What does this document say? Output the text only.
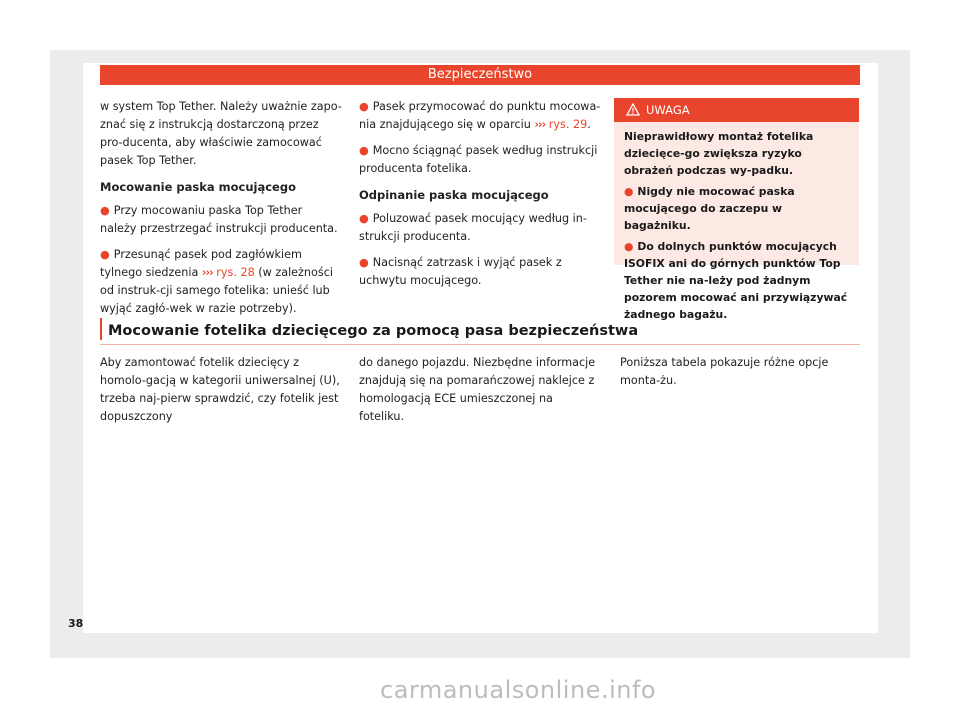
Bezpieczeństwo

w system Top Tether. Należy uważnie zapo-znać się z instrukcją dostarczoną przez pro-ducenta, aby właściwie zamocować pasek Top Tether.

Mocowanie paska mocującego

● Przy mocowaniu paska Top Tether należy przestrzegać instrukcji producenta.

● Przesunąć pasek pod zagłówkiem tylnego siedzenia ››› rys. 28 (w zależności od instruk-cji samego fotelika: unieść lub wyjąć zagłó-wek w razie potrzeby).

● Pasek przymocować do punktu mocowa-nia znajdującego się w oparciu ››› rys. 29.

● Mocno ściągnąć pasek według instrukcji producenta fotelika.

Odpinanie paska mocującego

● Poluzować pasek mocujący według in-strukcji producenta.

● Nacisnąć zatrzask i wyjąć pasek z uchwytu mocującego.

UWAGA

Nieprawidłowy montaż fotelika dziecięce-go zwiększa ryzyko obrażeń podczas wy-padku.

● Nigdy nie mocować paska mocującego do zaczepu w bagażniku.

● Do dolnych punktów mocujących ISOFIX ani do górnych punktów Top Tether nie na-leży pod żadnym pozorem mocować ani przywiązywać żadnego bagażu.

Mocowanie fotelika dziecięcego za pomocą pasa bezpieczeństwa

Aby zamontować fotelik dziecięcy z homolo-gacją w kategorii uniwersalnej (U), trzeba naj-pierw sprawdzić, czy fotelik jest dopuszczony

do danego pojazdu. Niezbędne informacje znajdują się na pomarańczowej naklejce z homologacją ECE umieszczonej na foteliku.

Poniższa tabela pokazuje różne opcje monta-żu.

38
carmanualsonline.info
